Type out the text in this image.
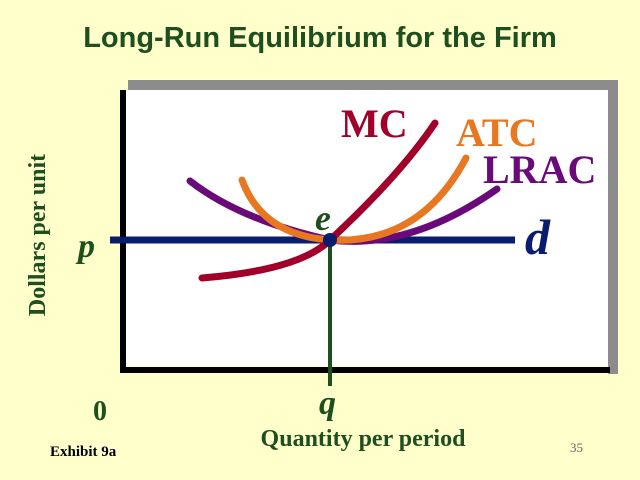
Long-Run Equilibrium for the Firm
MC ATC
LRAC
d
e
p
q
0
Dollars per unit
Quantity per period
Exhibit 9a	35
